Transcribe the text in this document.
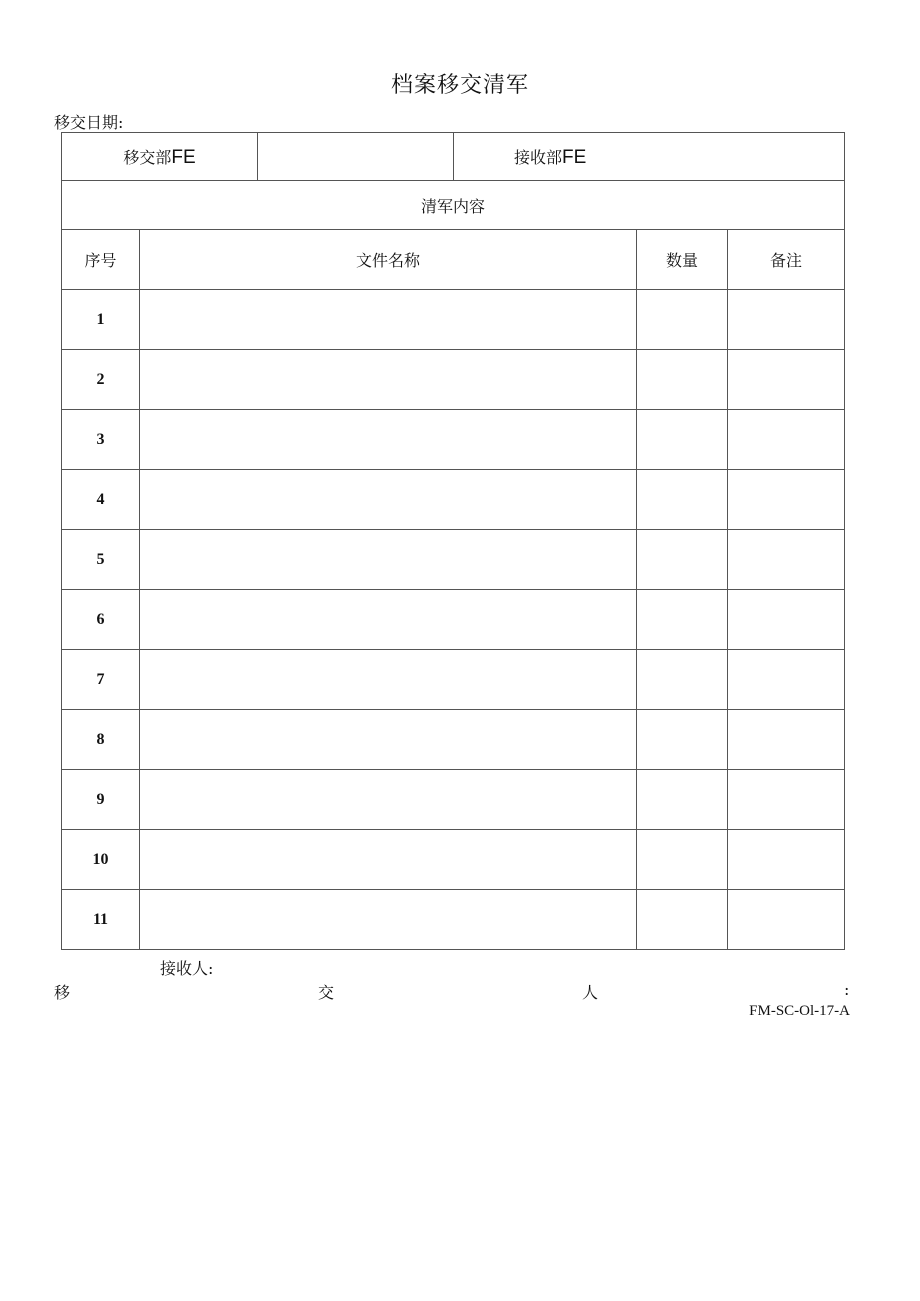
档案移交清军
移交日期:
移交部FE			接收部FE		
清军内容					
序号	文件名称			数量	备注
1					
2					
3					
4					
5					
6					
7					
8					
9					
10					
11					
接收人:
移	交	人	:
FM-SC-Ol-17-A
